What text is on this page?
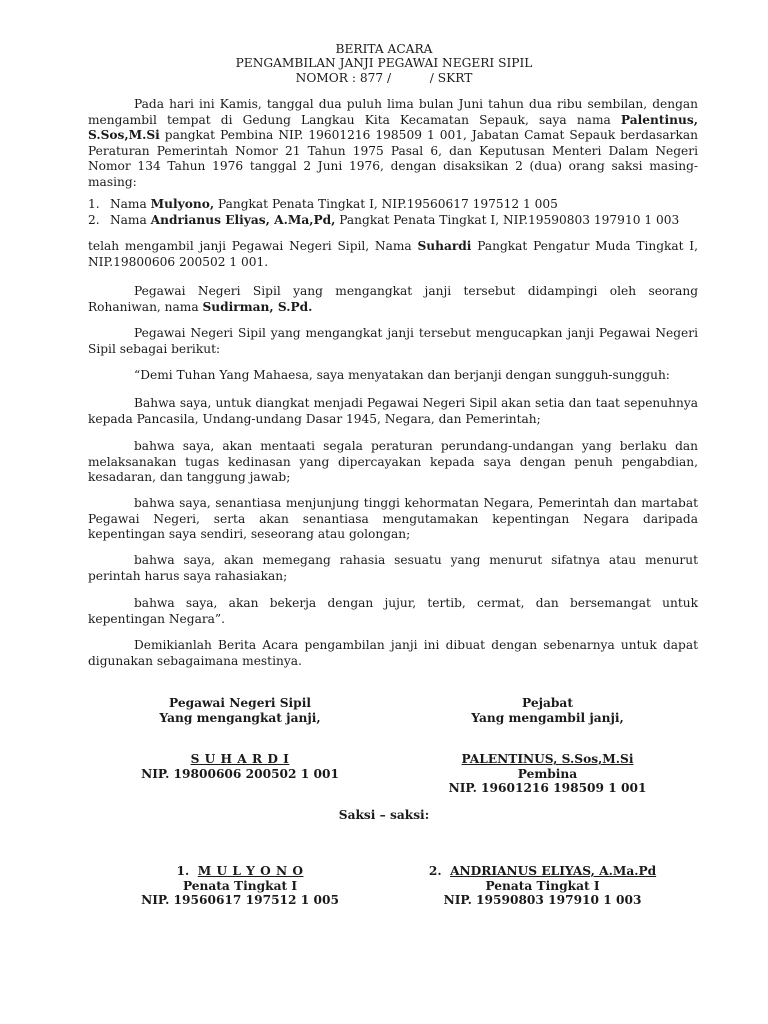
BERITA ACARA
PENGAMBILAN JANJI PEGAWAI NEGERI SIPIL
NOMOR : 877 /          / SKRT

Pada hari ini Kamis, tanggal dua puluh lima bulan Juni tahun dua ribu sembilan, dengan mengambil tempat di Gedung Langkau Kita Kecamatan Sepauk, saya nama Palentinus, S.Sos,M.Si pangkat Pembina NIP. 19601216 198509 1 001, Jabatan Camat Sepauk berdasarkan Peraturan Pemerintah Nomor 21 Tahun 1975 Pasal 6, dan Keputusan Menteri Dalam Negeri Nomor 134 Tahun 1976 tanggal 2 Juni 1976, dengan disaksikan 2 (dua) orang saksi masing-masing:

1. Nama Mulyono, Pangkat Penata Tingkat I, NIP.19560617 197512 1 005
2. Nama Andrianus Eliyas, A.Ma,Pd, Pangkat Penata Tingkat I, NIP.19590803 197910 1 003

telah mengambil janji Pegawai Negeri Sipil, Nama Suhardi Pangkat Pengatur Muda Tingkat I, NIP.19800606 200502 1 001.

Pegawai Negeri Sipil yang mengangkat janji tersebut didampingi oleh seorang Rohaniwan, nama Sudirman, S.Pd.

Pegawai Negeri Sipil yang mengangkat janji tersebut mengucapkan janji Pegawai Negeri Sipil sebagai berikut:

“Demi Tuhan Yang Mahaesa, saya menyatakan dan berjanji dengan sungguh-sungguh:

Bahwa saya, untuk diangkat menjadi Pegawai Negeri Sipil akan setia dan taat sepenuhnya kepada Pancasila, Undang-undang Dasar 1945, Negara, dan Pemerintah;

bahwa saya, akan mentaati segala peraturan perundang-undangan yang berlaku dan melaksanakan tugas kedinasan yang dipercayakan kepada saya dengan penuh pengabdian, kesadaran, dan tanggung jawab;

bahwa saya, senantiasa menjunjung tinggi kehormatan Negara, Pemerintah dan martabat Pegawai Negeri, serta akan senantiasa mengutamakan kepentingan Negara daripada kepentingan saya sendiri, seseorang atau golongan;

bahwa saya, akan memegang rahasia sesuatu yang menurut sifatnya atau menurut perintah harus saya rahasiakan;

bahwa saya, akan bekerja dengan jujur, tertib, cermat, dan bersemangat untuk kepentingan Negara”.

Demikianlah Berita Acara pengambilan janji ini dibuat dengan sebenarnya untuk dapat digunakan sebagaimana mestinya.

Pegawai Negeri Sipil
Yang mengangkat janji,
S U H A R D I
NIP. 19800606 200502 1 001
Pejabat
Yang mengambil janji,
PALENTINUS, S.Sos,M.Si
Pembina
NIP. 19601216 198509 1 001
Saksi – saksi:
1. M U L Y O N O
Penata Tingkat I
NIP. 19560617 197512 1 005
2. ANDRIANUS ELIYAS, A.Ma.Pd
Penata Tingkat I
NIP. 19590803 197910 1 003
